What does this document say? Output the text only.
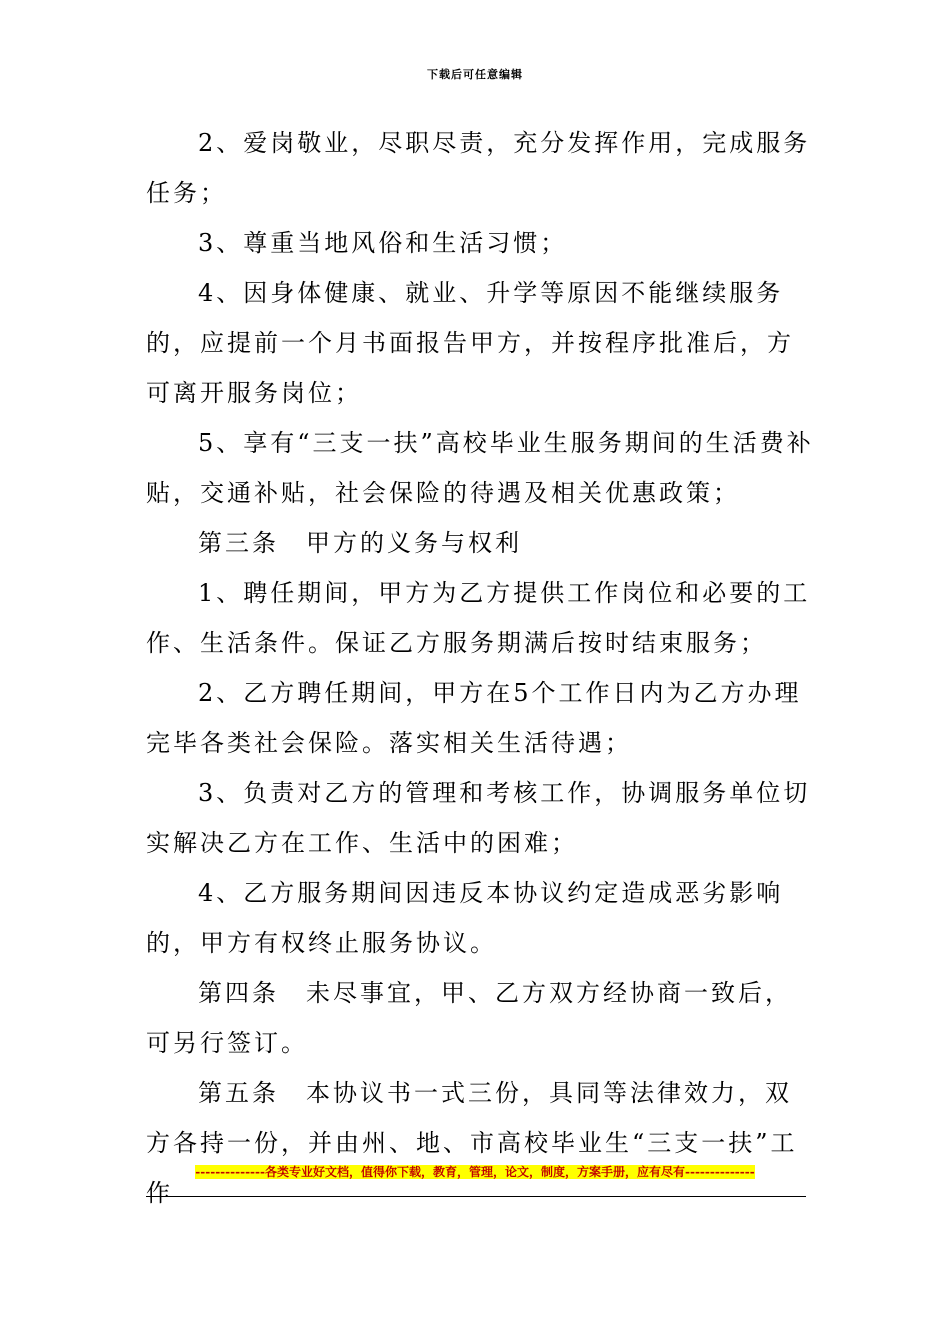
下载后可任意编辑

2、爱岗敬业，尽职尽责，充分发挥作用，完成服务任务；

3、尊重当地风俗和生活习惯；

4、因身体健康、就业、升学等原因不能继续服务的，应提前一个月书面报告甲方，并按程序批准后，方可离开服务岗位；

5、享有“三支一扶”高校毕业生服务期间的生活费补贴，交通补贴，社会保险的待遇及相关优惠政策；

第三条　甲方的义务与权利

1、聘任期间，甲方为乙方提供工作岗位和必要的工作、生活条件。保证乙方服务期满后按时结束服务；

2、乙方聘任期间，甲方在5个工作日内为乙方办理完毕各类社会保险。落实相关生活待遇；

3、负责对乙方的管理和考核工作，协调服务单位切实解决乙方在工作、生活中的困难；

4、乙方服务期间因违反本协议约定造成恶劣影响的，甲方有权终止服务协议。

第四条　未尽事宜，甲、乙方双方经协商一致后，可另行签订。

第五条　本协议书一式三份，具同等法律效力，双方各持一份，并由州、地、市高校毕业生“三支一扶”工作

--------------各类专业好文档，值得你下载，教育，管理，论文，制度，方案手册，应有尽有--------------
